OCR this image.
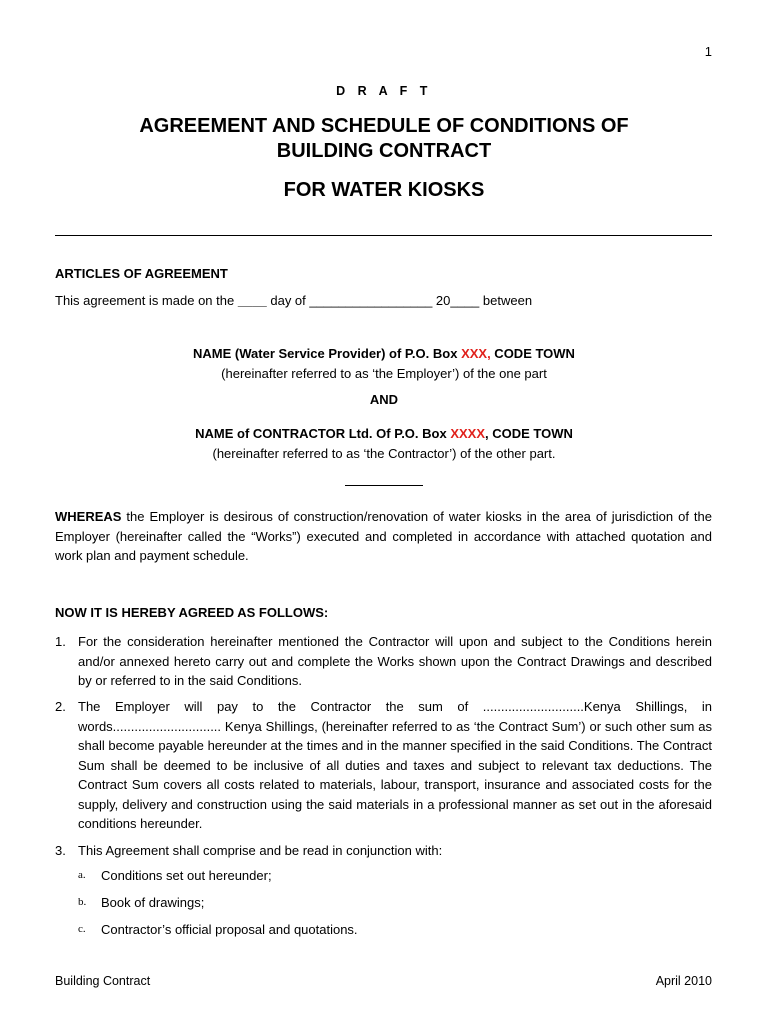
1
D R A F T
AGREEMENT AND SCHEDULE OF CONDITIONS OF
BUILDING CONTRACT
FOR WATER KIOSKS
ARTICLES OF AGREEMENT
This agreement is made on the ____ day of _________________ 20____ between
NAME (Water Service Provider) of P.O. Box XXX, CODE TOWN
(hereinafter referred to as ‘the Employer’) of the one part
AND
NAME of CONTRACTOR Ltd. Of P.O. Box XXXX, CODE TOWN
(hereinafter referred to as ‘the Contractor’) of the other part.
WHEREAS the Employer is desirous of construction/renovation of water kiosks in the area of jurisdiction of the Employer (hereinafter called the “Works”) executed and completed in accordance with attached quotation and work plan and payment schedule.
NOW IT IS HEREBY AGREED AS FOLLOWS:
1. For the consideration hereinafter mentioned the Contractor will upon and subject to the Conditions herein and/or annexed hereto carry out and complete the Works shown upon the Contract Drawings and described by or referred to in the said Conditions.
2. The Employer will pay to the Contractor the sum of ............................Kenya Shillings, in words.............................. Kenya Shillings, (hereinafter referred to as ‘the Contract Sum’) or such other sum as shall become payable hereunder at the times and in the manner specified in the said Conditions. The Contract Sum shall be deemed to be inclusive of all duties and taxes and subject to relevant tax deductions. The Contract Sum covers all costs related to materials, labour, transport, insurance and associated costs for the supply, delivery and construction using the said materials in a professional manner as set out in the aforesaid conditions hereunder.
3. This Agreement shall comprise and be read in conjunction with:
a. Conditions set out hereunder;
b. Book of drawings;
c. Contractor’s official proposal and quotations.
Building Contract	April 2010
